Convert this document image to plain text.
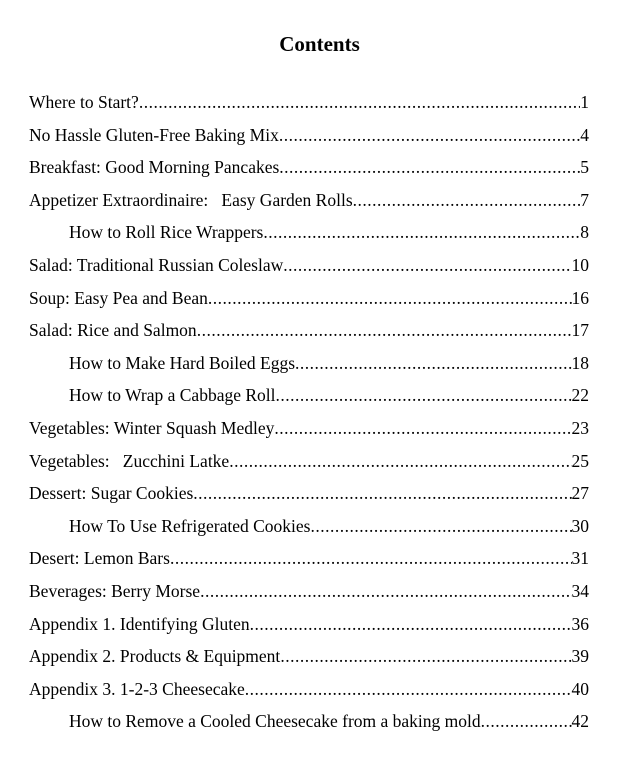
Contents
Where to Start? .....	1
No Hassle Gluten-Free Baking Mix .....	4
Breakfast: Good Morning Pancakes .....	5
Appetizer Extraordinaire:   Easy Garden Rolls .....	7
How to Roll Rice Wrappers .....	8
Salad: Traditional Russian Coleslaw .....	10
Soup: Easy Pea and Bean .....	16
Salad: Rice and Salmon .....	17
How to Make Hard Boiled Eggs .....	18
How to Wrap a Cabbage Roll .....	22
Vegetables: Winter Squash Medley .....	23
Vegetables:   Zucchini Latke .....	25
Dessert: Sugar Cookies .....	27
How To Use Refrigerated Cookies .....	30
Desert: Lemon Bars .....	31
Beverages: Berry Morse .....	34
Appendix 1. Identifying Gluten .....	36
Appendix 2. Products & Equipment .....	39
Appendix 3. 1-2-3 Cheesecake .....	40
How to Remove a Cooled Cheesecake from a baking mold .....	42
